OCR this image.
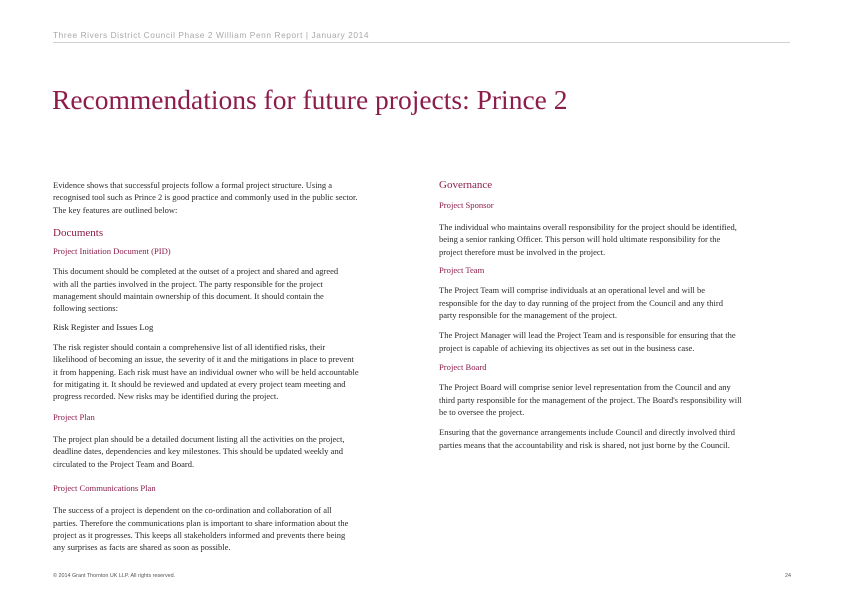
Three Rivers District Council Phase 2 William Penn Report | January 2014
Recommendations for future projects: Prince 2

Evidence shows that successful projects follow a formal project structure. Using a
recognised tool such as Prince 2 is good practice and commonly used in the public sector.
The key features are outlined below:

Documents

Project Initiation Document (PID)

This document should be completed at the outset of a project and shared and agreed
with all the parties involved in the project. The party responsible for the project
management should maintain ownership of this document. It should contain the
following sections:

Risk Register and Issues Log

The risk register should contain a comprehensive list of all identified risks, their
likelihood of becoming an issue, the severity of it and the mitigations in place to prevent
it from happening. Each risk must have an individual owner who will be held accountable
for mitigating it. It should be reviewed and updated at every project team meeting and
progress recorded. New risks may be identified during the project.

Project Plan

The project plan should be a detailed document listing all the activities on the project,
deadline dates, dependencies and key milestones. This should be updated weekly and
circulated to the Project Team and Board.

Project Communications Plan

The success of a project is dependent on the co-ordination and collaboration of all
parties. Therefore the communications plan is important to share information about the
project as it progresses. This keeps all stakeholders informed and prevents there being
any surprises as facts are shared as soon as possible.

Governance

Project Sponsor

The individual who maintains overall responsibility for the project should be identified,
being a senior ranking Officer. This person will hold ultimate responsibility for the
project therefore must be involved in the project.

Project Team

The Project Team will comprise individuals at an operational level and will be
responsible for the day to day running of the project from the Council and any third
party responsible for the management of the project.

The Project Manager will lead the Project Team and is responsible for ensuring that the
project is capable of achieving its objectives as set out in the business case.

Project Board

The Project Board will comprise senior level representation from the Council and any
third party responsible for the management of the project. The Board's responsibility will
be to oversee the project.

Ensuring that the governance arrangements include Council and directly involved third
parties means that the accountability and risk is shared, not just borne by the Council.

© 2014 Grant Thornton UK LLP. All rights reserved.	24
